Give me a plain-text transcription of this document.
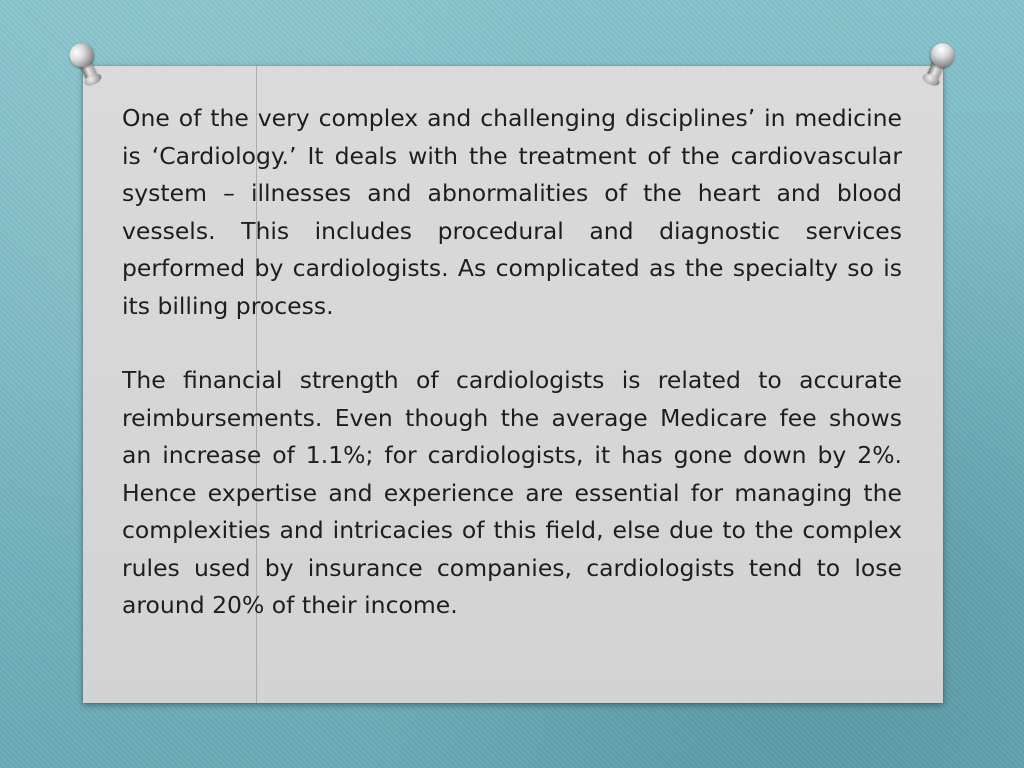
One of the very complex and challenging disciplines’ in medicine is ‘Cardiology.’ It deals with the treatment of the cardiovascular system – illnesses and abnormalities of the heart and blood vessels. This includes procedural and diagnostic services performed by cardiologists. As complicated as the specialty so is its billing process.

The financial strength of cardiologists is related to accurate reimbursements. Even though the average Medicare fee shows an increase of 1.1%; for cardiologists, it has gone down by 2%. Hence expertise and experience are essential for managing the complexities and intricacies of this field, else due to the complex rules used by insurance companies, cardiologists tend to lose around 20% of their income.
